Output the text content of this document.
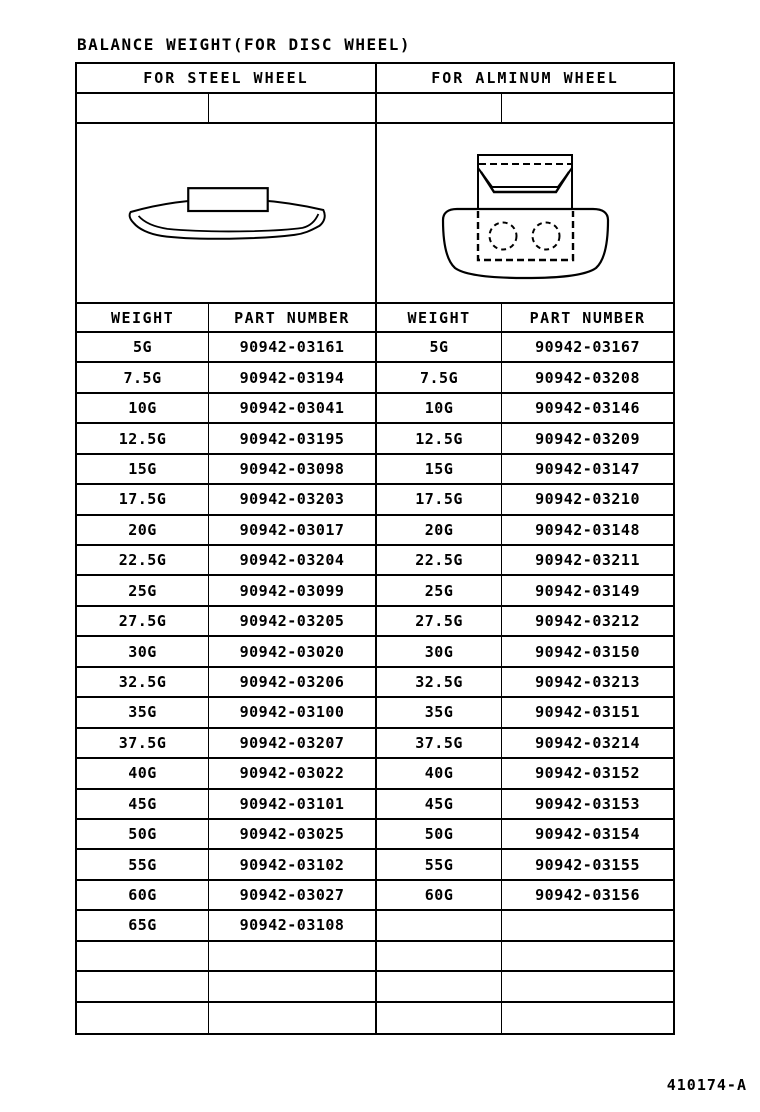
BALANCE WEIGHT(FOR DISC WHEEL)
FOR STEEL WHEEL	FOR ALMINUM WHEEL
WEIGHT	PART NUMBER	WEIGHT	PART NUMBER
5G	90942-03161	5G	90942-03167
7.5G	90942-03194	7.5G	90942-03208
10G	90942-03041	10G	90942-03146
12.5G	90942-03195	12.5G	90942-03209
15G	90942-03098	15G	90942-03147
17.5G	90942-03203	17.5G	90942-03210
20G	90942-03017	20G	90942-03148
22.5G	90942-03204	22.5G	90942-03211
25G	90942-03099	25G	90942-03149
27.5G	90942-03205	27.5G	90942-03212
30G	90942-03020	30G	90942-03150
32.5G	90942-03206	32.5G	90942-03213
35G	90942-03100	35G	90942-03151
37.5G	90942-03207	37.5G	90942-03214
40G	90942-03022	40G	90942-03152
45G	90942-03101	45G	90942-03153
50G	90942-03025	50G	90942-03154
55G	90942-03102	55G	90942-03155
60G	90942-03027	60G	90942-03156
65G	90942-03108
410174-A
